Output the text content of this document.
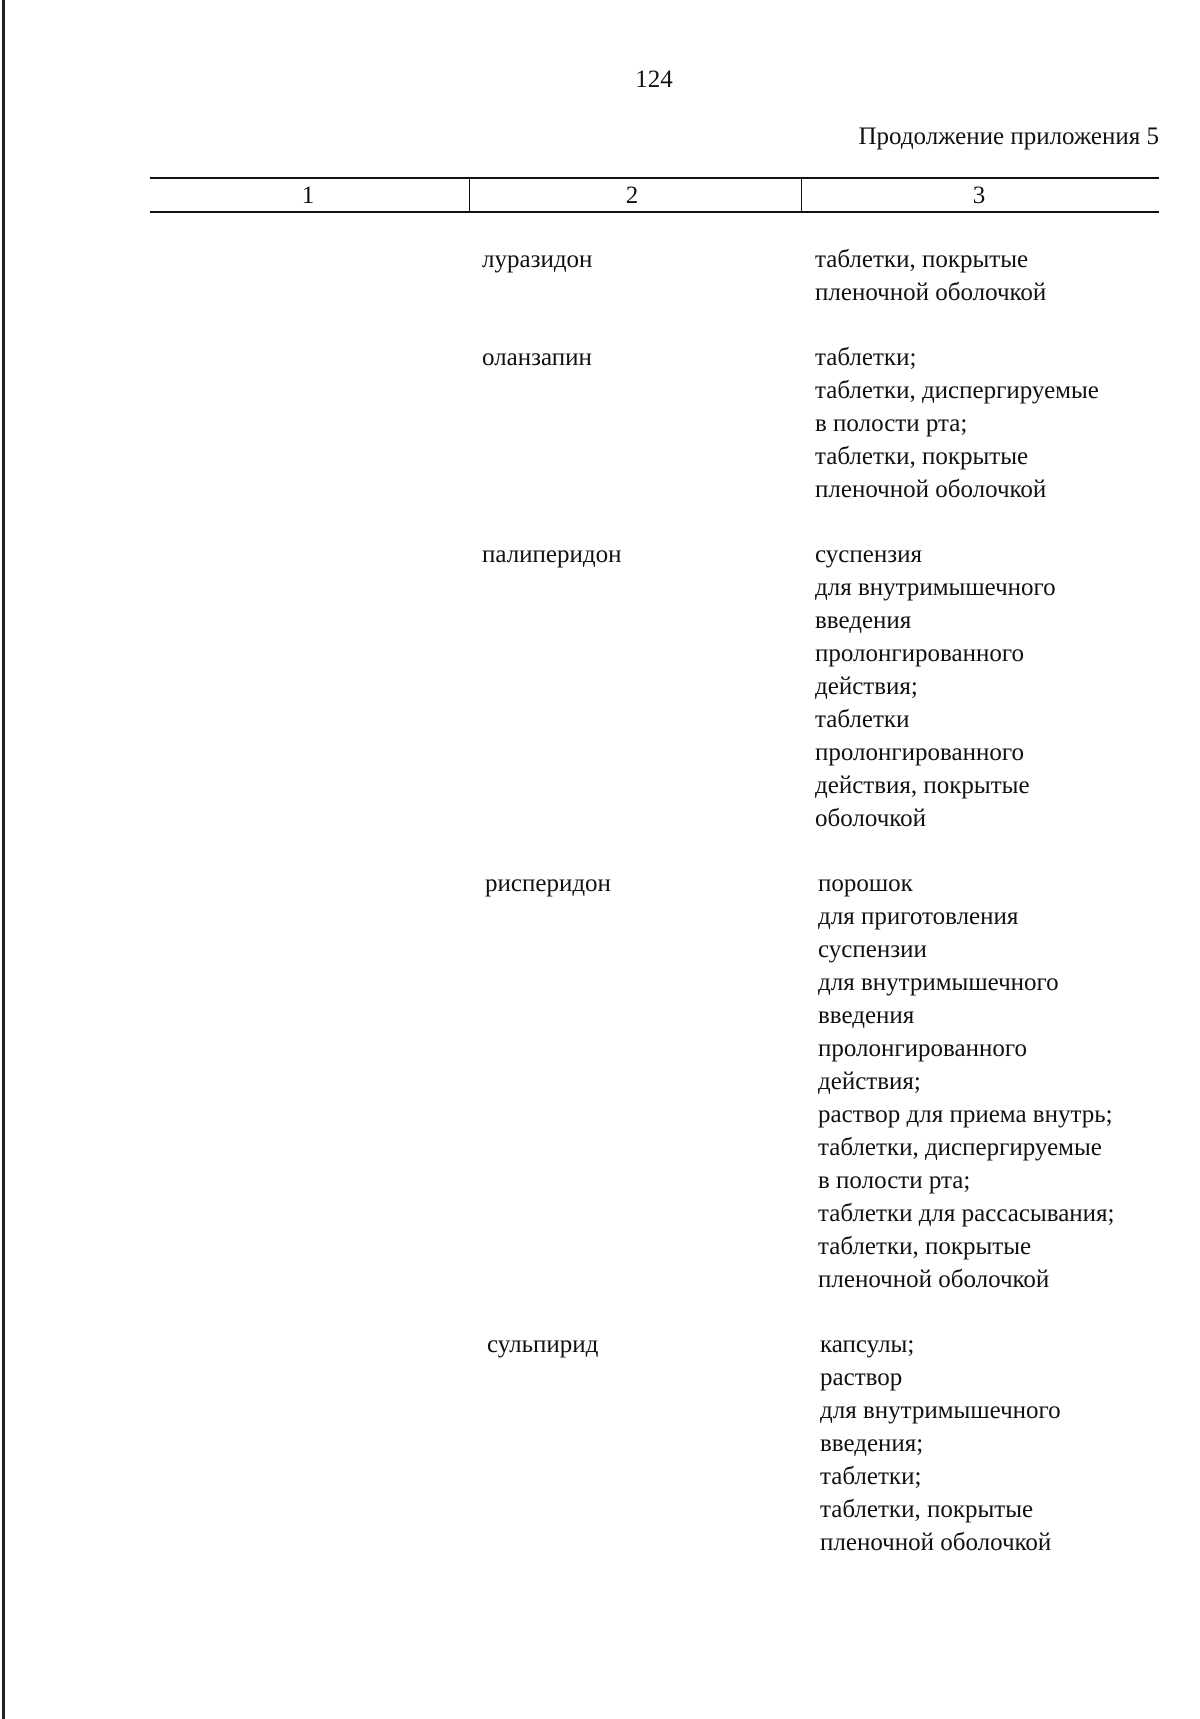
124
Продолжение приложения 5
1	2	3
луразидон	таблетки, покрытые
пленочной оболочкой
оланзапин	таблетки;
таблетки, диспергируемые
в полости рта;
таблетки, покрытые
пленочной оболочкой
палиперидон	суспензия
для внутримышечного
введения
пролонгированного
действия;
таблетки
пролонгированного
действия, покрытые
оболочкой
рисперидон	порошок
для приготовления
суспензии
для внутримышечного
введения
пролонгированного
действия;
раствор для приема внутрь;
таблетки, диспергируемые
в полости рта;
таблетки для рассасывания;
таблетки, покрытые
пленочной оболочкой
сульпирид	капсулы;
раствор
для внутримышечного
введения;
таблетки;
таблетки, покрытые
пленочной оболочкой
